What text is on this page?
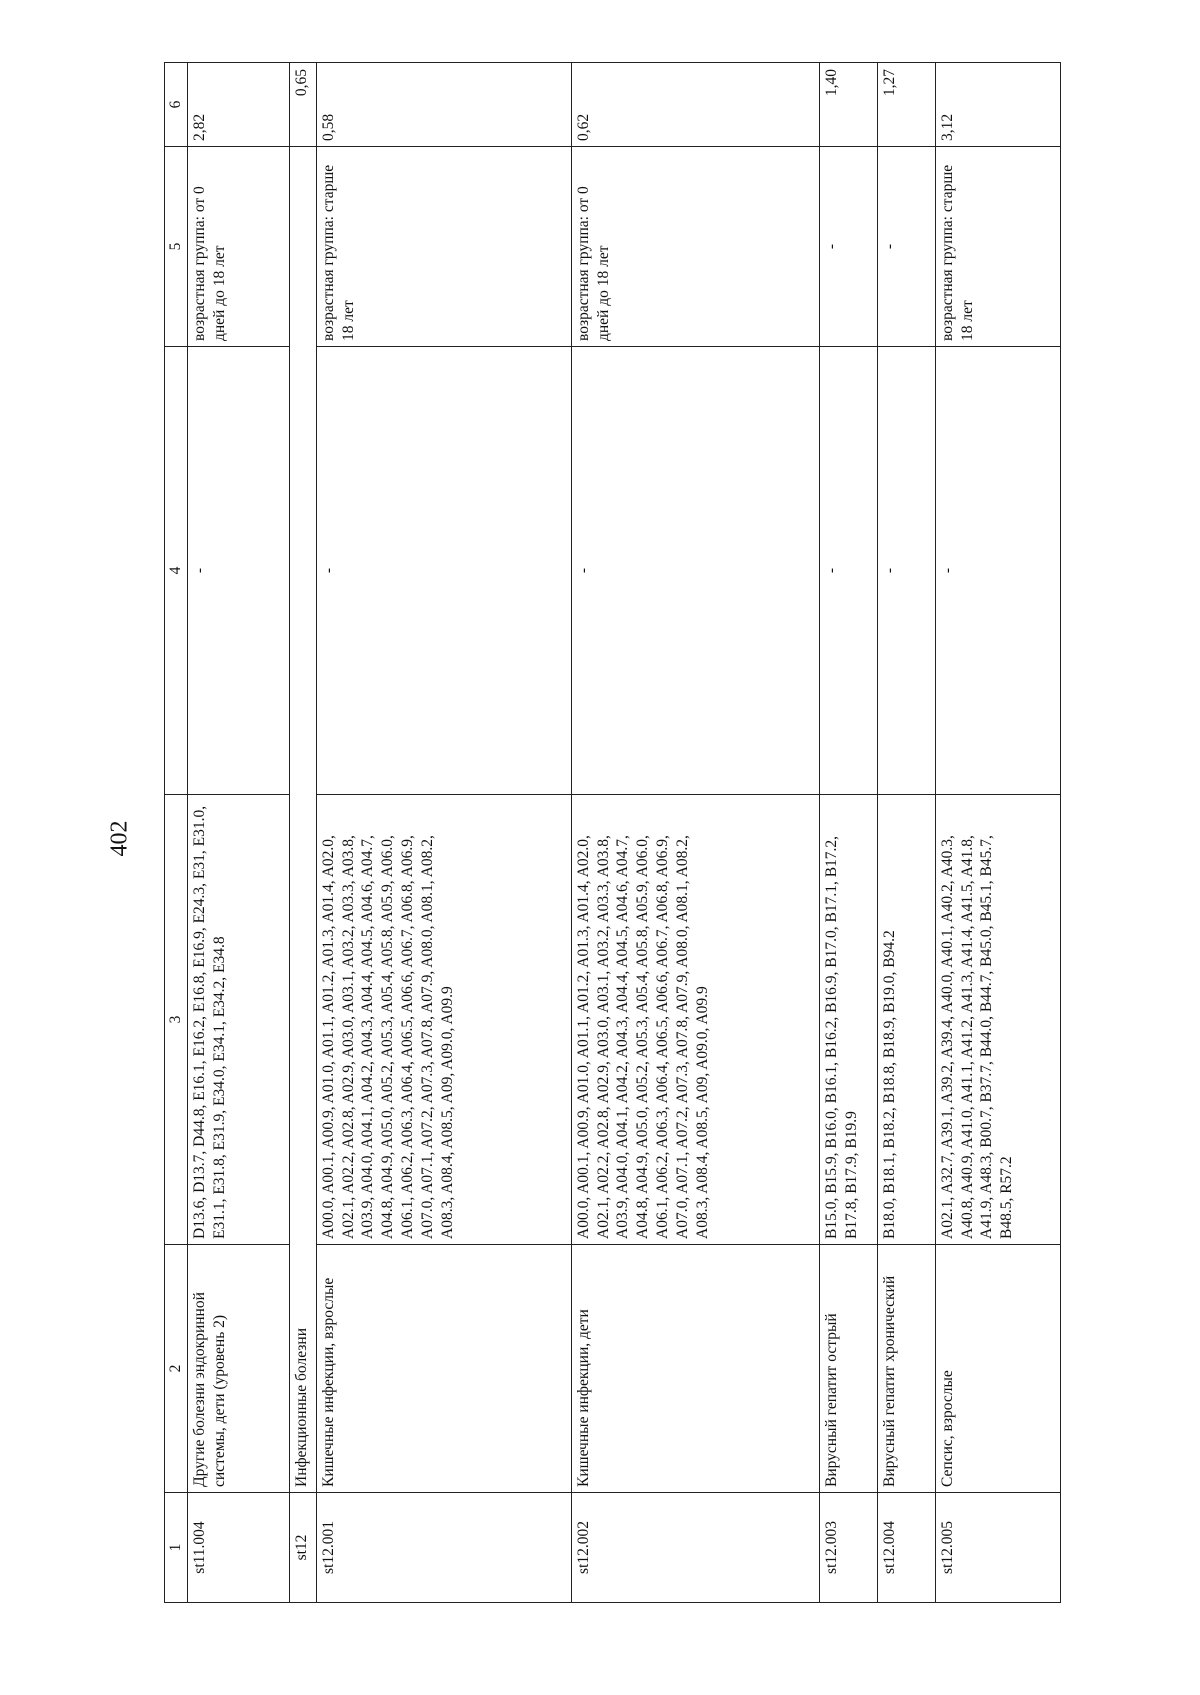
402
1	2	3	4	5	6
st11.004	Другие болезни эндокринной системы, дети (уровень 2)	D13.6, D13.7, D44.8, E16.1, E16.2, E16.8, E16.9, E24.3, E31, E31.0, E31.1, E31.8, E31.9, E34.0, E34.1, E34.2, E34.8	-	возрастная группа: от 0 дней до 18 лет	2,82
st12	Инфекционные болезни				0,65
st12.001	Кишечные инфекции, взрослые	A00.0, A00.1, A00.9, A01.0, A01.1, A01.2, A01.3, A01.4, A02.0, A02.1, A02.2, A02.8, A02.9, A03.0, A03.1, A03.2, A03.3, A03.8, A03.9, A04.0, A04.1, A04.2, A04.3, A04.4, A04.5, A04.6, A04.7, A04.8, A04.9, A05.0, A05.2, A05.3, A05.4, A05.8, A05.9, A06.0, A06.1, A06.2, A06.3, A06.4, A06.5, A06.6, A06.7, A06.8, A06.9, A07.0, A07.1, A07.2, A07.3, A07.8, A07.9, A08.0, A08.1, A08.2, A08.3, A08.4, A08.5, A09, A09.0, A09.9	-	возрастная группа: старше 18 лет	0,58
st12.002	Кишечные инфекции, дети	A00.0, A00.1, A00.9, A01.0, A01.1, A01.2, A01.3, A01.4, A02.0, A02.1, A02.2, A02.8, A02.9, A03.0, A03.1, A03.2, A03.3, A03.8, A03.9, A04.0, A04.1, A04.2, A04.3, A04.4, A04.5, A04.6, A04.7, A04.8, A04.9, A05.0, A05.2, A05.3, A05.4, A05.8, A05.9, A06.0, A06.1, A06.2, A06.3, A06.4, A06.5, A06.6, A06.7, A06.8, A06.9, A07.0, A07.1, A07.2, A07.3, A07.8, A07.9, A08.0, A08.1, A08.2, A08.3, A08.4, A08.5, A09, A09.0, A09.9	-	возрастная группа: от 0 дней до 18 лет	0,62
st12.003	Вирусный гепатит острый	B15.0, B15.9, B16.0, B16.1, B16.2, B16.9, B17.0, B17.1, B17.2, B17.8, B17.9, B19.9	-	-	1,40
st12.004	Вирусный гепатит хронический	B18.0, B18.1, B18.2, B18.8, B18.9, B19.0, B94.2	-	-	1,27
st12.005	Сепсис, взрослые	A02.1, A32.7, A39.1, A39.2, A39.4, A40.0, A40.1, A40.2, A40.3, A40.8, A40.9, A41.0, A41.1, A41.2, A41.3, A41.4, A41.5, A41.8, A41.9, A48.3, B00.7, B37.7, B44.0, B44.7, B45.0, B45.1, B45.7, B48.5, R57.2	-	возрастная группа: старше 18 лет	3,12
